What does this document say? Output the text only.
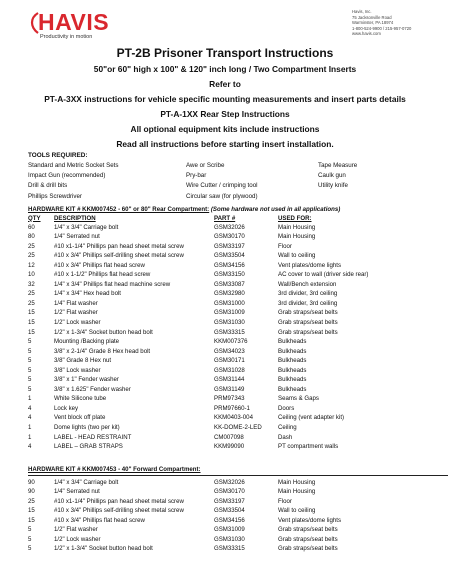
HAVIS
Productivity in motion
Havis, Inc.
75 Jacksonville Road
Warminster, PA 18974
1-800-524-9900 / 215-957-0720
www.havis.com
PT-2B Prisoner Transport Instructions
50"or 60" high x 100" & 120" inch long / Two Compartment Inserts
Refer to
PT-A-3XX instructions for vehicle specific mounting measurements and insert parts details
PT-A-1XX Rear Step Instructions
All optional equipment kits include instructions
Read all instructions before starting insert installation.
TOOLS REQUIRED:
Standard and Metric Socket Sets	Awe or Scribe	Tape Measure
Impact Gun (recommended)	Pry-bar	Caulk gun
Drill & drill bits	Wire Cutter / crimping tool	Utility knife
Phillips Screwdriver	Circular saw (for plywood)
HARDWARE KIT # KKM007452 - 60" or 80" Rear Compartment: (Some hardware not used in all applications)
QTY	DESCRIPTION	PART #	USED FOR:
60	1/4" x 3/4" Carriage bolt	GSM32026	Main Housing
80	1/4" Serrated nut	GSM30170	Main Housing
25	#10 x1-1/4" Phillips pan head sheet metal screw	GSM33197	Floor
25	#10 x 3/4" Phillips self-drilling sheet metal screw	GSM33504	Wall to ceiling
12	#10 x 3/4" Phillips flat head screw	GSM34156	Vent plates/dome lights
10	#10 x 1-1/2" Phillips flat head screw	GSM33150	AC cover to wall (driver side rear)
32	1/4" x 3/4" Phillips flat head machine screw	GSM33087	Wall/Bench extension
25	1/4" x 3/4" Hex head bolt	GSM32980	3rd divider, 3rd ceiling
25	1/4" Flat washer	GSM31000	3rd divider, 3rd ceiling
15	1/2" Flat washer	GSM31009	Grab straps/seat belts
15	1/2" Lock washer	GSM31030	Grab straps/seat belts
15	1/2" x 1-3/4" Socket button head bolt	GSM33315	Grab straps/seat belts
5	Mounting /Backing plate	KKM007376	Bulkheads
5	3/8" x 2-1/4" Grade 8 Hex head bolt	GSM34023	Bulkheads
5	3/8" Grade 8 Hex nut	GSM30171	Bulkheads
5	3/8" Lock washer	GSM31028	Bulkheads
5	3/8" x 1" Fender washer	GSM31144	Bulkheads
5	3/8" x 1.625" Fender washer	GSM31149	Bulkheads
1	White Silicone tube	PRM97343	Seams & Gaps
4	Lock key	PRM97660-1	Doors
4	Vent block off plate	KKM0403-004	Ceiling (vent adapter kit)
1	Dome lights (two per kit)	KK-DOME-2-LED	Ceiling
1	LABEL - HEAD RESTRAINT	CM007098	Dash
4	LABEL – GRAB STRAPS	KKM99090	PT compartment walls
HARDWARE KIT # KKM007453 - 40" Forward Compartment:
90	1/4" x 3/4" Carriage bolt	GSM32026	Main Housing
90	1/4" Serrated nut	GSM30170	Main Housing
25	#10 x1-1/4" Phillips pan head sheet metal screw	GSM33197	Floor
15	#10 x 3/4" Phillips self-drilling sheet metal screw	GSM33504	Wall to ceiling
15	#10 x 3/4" Phillips flat head screw	GSM34156	Vent plates/dome lights
5	1/2" Flat washer	GSM31009	Grab straps/seat belts
5	1/2" Lock washer	GSM31030	Grab straps/seat belts
5	1/2" x 1-3/4" Socket button head bolt	GSM33315	Grab straps/seat belts
